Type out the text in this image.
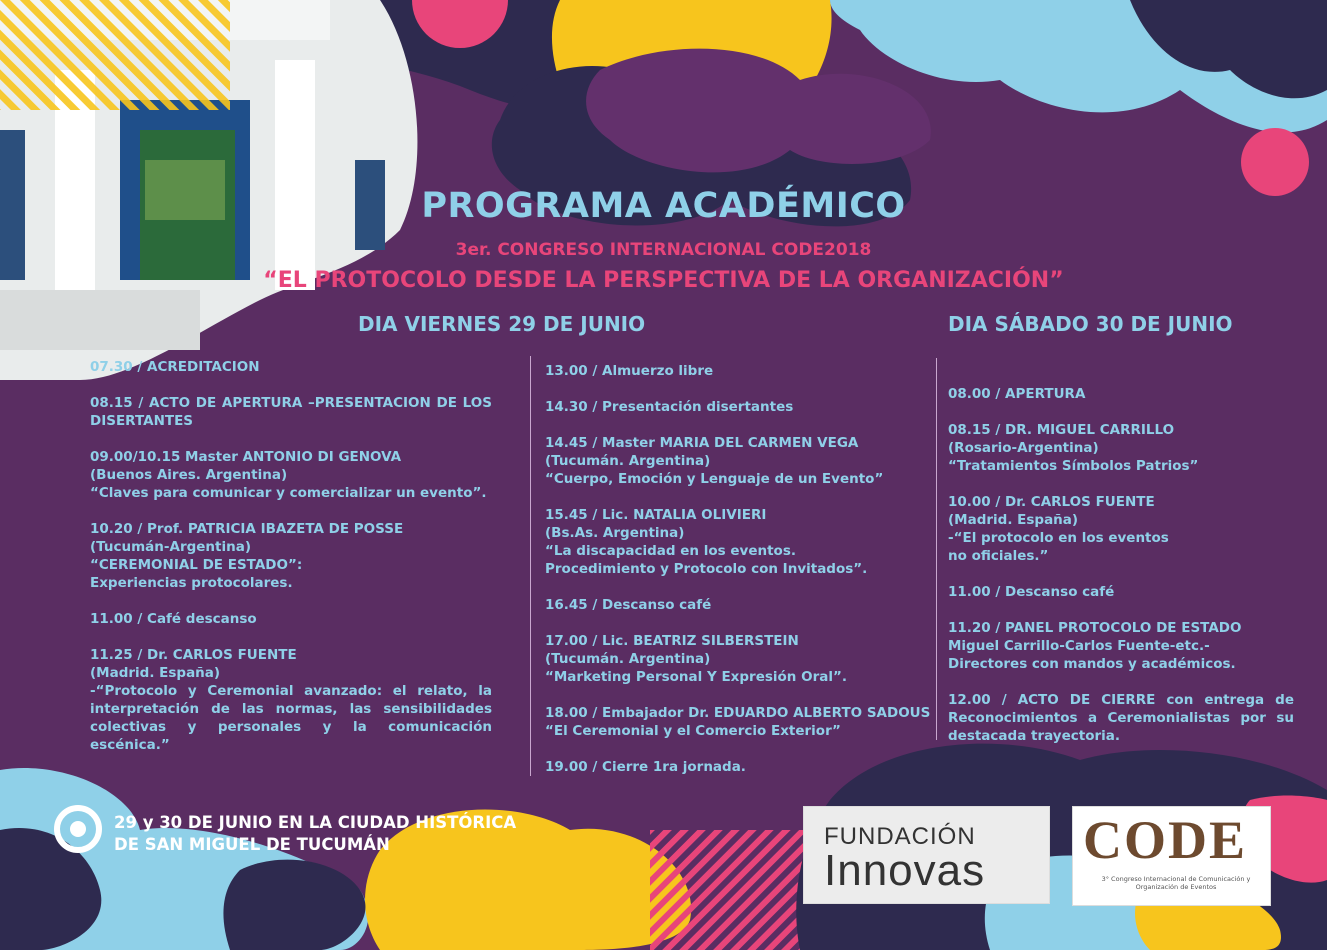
PROGRAMA ACADÉMICO
3er. CONGRESO INTERNACIONAL CODE2018
“EL PROTOCOLO DESDE LA PERSPECTIVA DE LA ORGANIZACIÓN”
DIA VIERNES 29 DE JUNIO	DIA SÁBADO 30 DE JUNIO
07.30 / ACREDITACION
08.15 / ACTO DE APERTURA –PRESENTACION DE LOS DISERTANTES
09.00/10.15 Master ANTONIO DI GENOVA
(Buenos Aires. Argentina)
“Claves para comunicar y comercializar un evento”.
10.20 / Prof. PATRICIA IBAZETA DE POSSE
(Tucumán-Argentina)
“CEREMONIAL DE ESTADO”:
Experiencias protocolares.
11.00 / Café descanso
11.25 / Dr. CARLOS FUENTE
(Madrid. España)
-“Protocolo y Ceremonial avanzado: el relato, la interpretación de las normas, las sensibilidades colectivas y personales y la comunicación escénica.”
13.00 / Almuerzo libre
14.30 / Presentación disertantes
14.45 / Master MARIA DEL CARMEN VEGA
(Tucumán. Argentina)
“Cuerpo, Emoción y Lenguaje de un Evento”
15.45 / Lic. NATALIA OLIVIERI
(Bs.As. Argentina)
“La discapacidad en los eventos.
Procedimiento y Protocolo con Invitados”.
16.45 / Descanso café
17.00 / Lic. BEATRIZ SILBERSTEIN
(Tucumán. Argentina)
“Marketing Personal Y Expresión Oral”.
18.00 / Embajador Dr. EDUARDO ALBERTO SADOUS
“El Ceremonial y el Comercio Exterior”
19.00 / Cierre 1ra jornada.
08.00 / APERTURA
08.15 / DR. MIGUEL CARRILLO
(Rosario-Argentina)
“Tratamientos Símbolos Patrios”
10.00 / Dr. CARLOS FUENTE
(Madrid. España)
-“El protocolo en los eventos
no oficiales.”
11.00 / Descanso café
11.20 / PANEL PROTOCOLO DE ESTADO
Miguel Carrillo-Carlos Fuente-etc.-
Directores con mandos y académicos.
12.00 / ACTO DE CIERRE con entrega de Reconocimientos a Ceremonialistas por su destacada trayectoria.
29 y 30 DE JUNIO EN LA CIUDAD HISTÓRICA
DE SAN MIGUEL DE TUCUMÁN	FUNDACIÓN
Innovas
CODE
3° Congreso Internacional de Comunicación y Organización de Eventos
